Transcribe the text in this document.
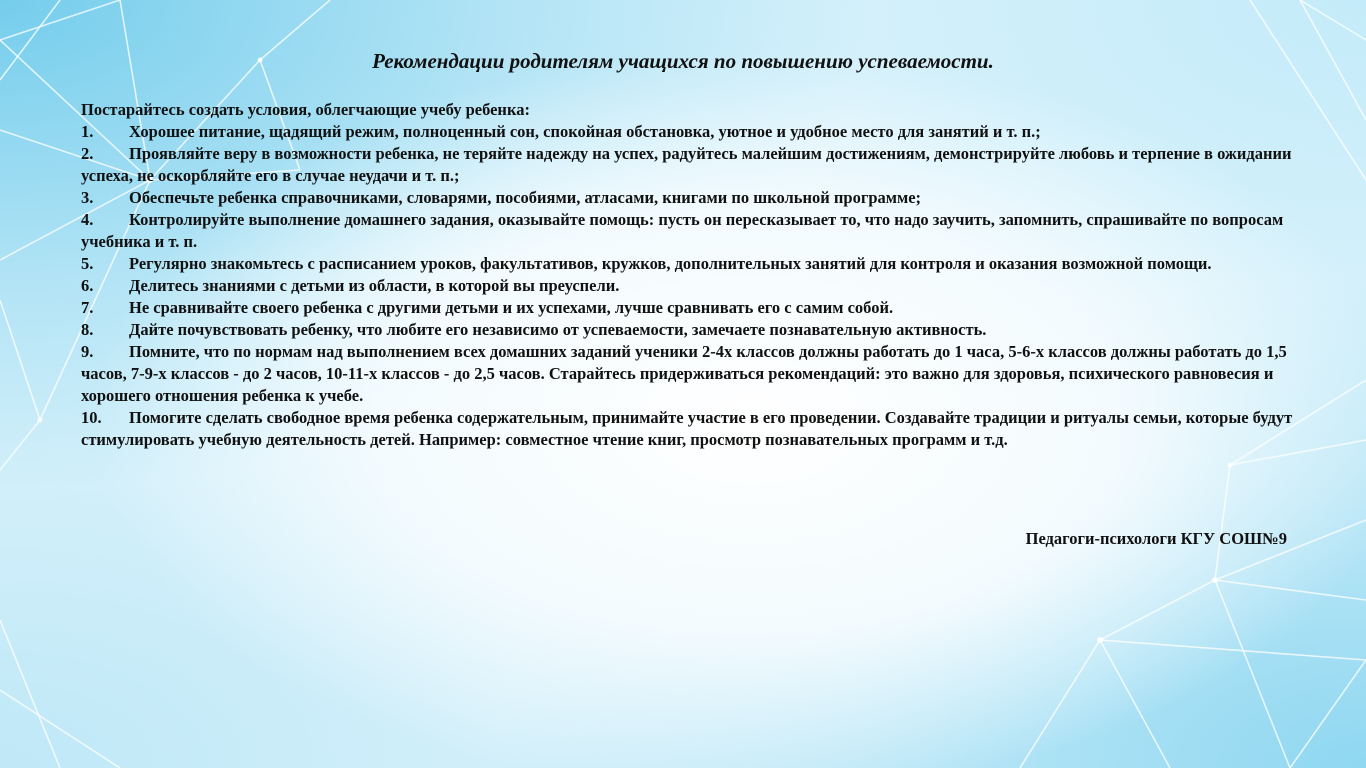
Рекомендации родителям учащихся по повышению успеваемости.

Постарайтесь создать условия, облегчающие учебу ребенка:

1. Хорошее питание, щадящий режим, полноценный сон, спокойная обстановка, уютное и удобное место для занятий и т. п.;
2. Проявляйте веру в возможности ребенка, не теряйте надежду на успех, радуйтесь малейшим достижениям, демонстрируйте любовь и терпение в ожидании успеха, не оскорбляйте его в случае неудачи и т. п.;
3. Обеспечьте ребенка справочниками, словарями, пособиями, атласами, книгами по школьной программе;
4. Контролируйте выполнение домашнего задания, оказывайте помощь: пусть он пересказывает то, что надо заучить, запомнить, спрашивайте по вопросам учебника и т. п.
5. Регулярно знакомьтесь с расписанием уроков, факультативов, кружков, дополнительных занятий для контроля и оказания возможной помощи.
6. Делитесь знаниями с детьми из области, в которой вы преуспели.
7. Не сравнивайте своего ребенка с другими детьми и их успехами, лучше сравнивать его с самим собой.
8. Дайте почувствовать ребенку, что любите его независимо от успеваемости, замечаете познавательную активность.
9. Помните, что по нормам над выполнением всех домашних заданий ученики 2-4х классов должны работать до 1 часа, 5-6-х классов должны работать до 1,5 часов, 7-9-х классов - до 2 часов, 10-11-х классов - до 2,5 часов. Старайтесь придерживаться рекомендаций: это важно для здоровья, психического равновесия и хорошего отношения ребенка к учебе.
10. Помогите сделать свободное время ребенка содержательным, принимайте участие в его проведении. Создавайте традиции и ритуалы семьи, которые будут стимулировать учебную деятельность детей. Например: совместное чтение книг, просмотр познавательных программ и т.д.

Педагоги-психологи КГУ СОШ№9
